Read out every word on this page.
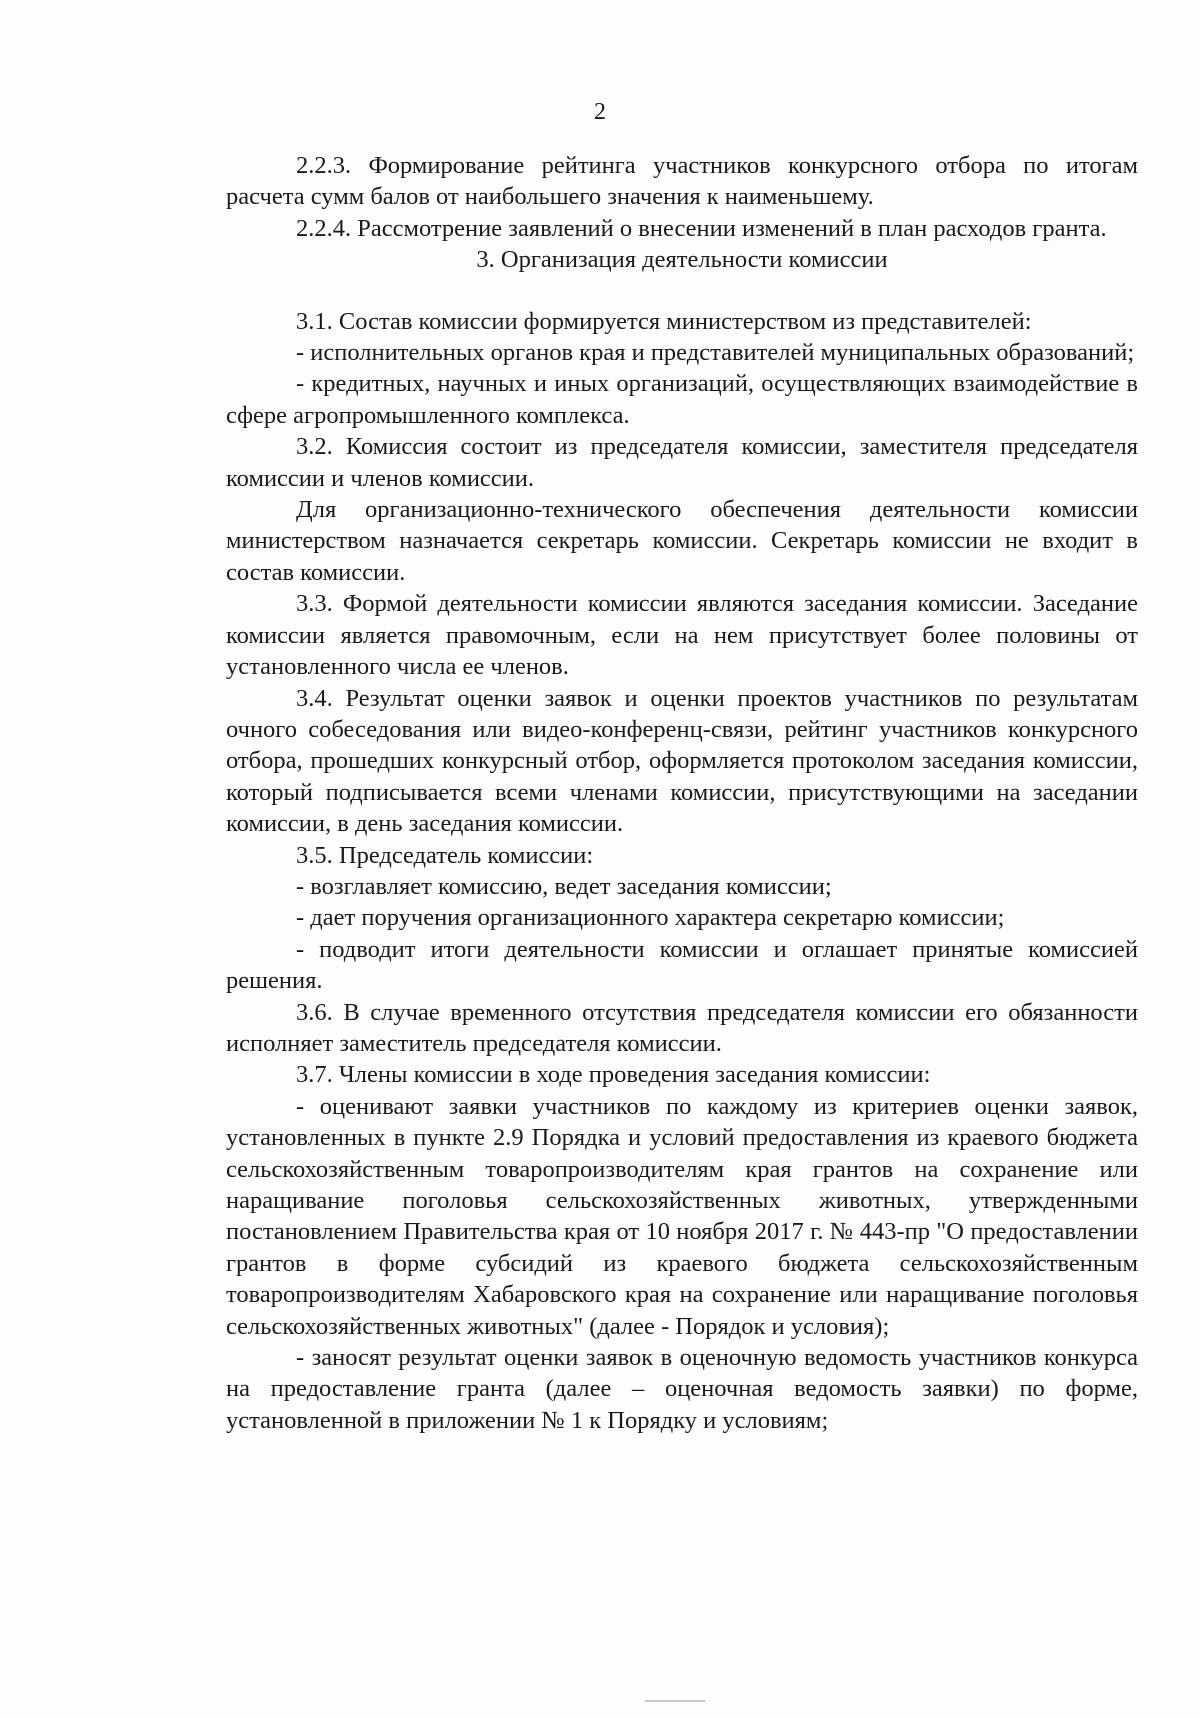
2

2.2.3. Формирование рейтинга участников конкурсного отбора по итогам расчета сумм балов от наибольшего значения к наименьшему.

2.2.4. Рассмотрение заявлений о внесении изменений в план расходов гранта.

3. Организация деятельности комиссии

3.1. Состав комиссии формируется министерством из представителей:

- исполнительных органов края и представителей муниципальных образований;

- кредитных, научных и иных организаций, осуществляющих взаимодействие в сфере агропромышленного комплекса.

3.2. Комиссия состоит из председателя комиссии, заместителя председателя комиссии и членов комиссии.

Для организационно-технического обеспечения деятельности комиссии министерством назначается секретарь комиссии. Секретарь комиссии не входит в состав комиссии.

3.3. Формой деятельности комиссии являются заседания комиссии. Заседание комиссии является правомочным, если на нем присутствует более половины от установленного числа ее членов.

3.4. Результат оценки заявок и оценки проектов участников по результатам очного собеседования или видео-конференц-связи, рейтинг участников конкурсного отбора, прошедших конкурсный отбор, оформляется протоколом заседания комиссии, который подписывается всеми членами комиссии, присутствующими на заседании комиссии, в день заседания комиссии.

3.5. Председатель комиссии:

- возглавляет комиссию, ведет заседания комиссии;

- дает поручения организационного характера секретарю комиссии;

- подводит итоги деятельности комиссии и оглашает принятые комиссией решения.

3.6. В случае временного отсутствия председателя комиссии его обязанности исполняет заместитель председателя комиссии.

3.7. Члены комиссии в ходе проведения заседания комиссии:

- оценивают заявки участников по каждому из критериев оценки заявок, установленных в пункте 2.9 Порядка и условий предоставления из краевого бюджета сельскохозяйственным товаропроизводителям края грантов на сохранение или наращивание поголовья сельскохозяйственных животных, утвержденными постановлением Правительства края от 10 ноября 2017 г. № 443-пр "О предоставлении грантов в форме субсидий из краевого бюджета сельскохозяйственным товаропроизводителям Хабаровского края на сохранение или наращивание поголовья сельскохозяйственных животных" (далее - Порядок и условия);

- заносят результат оценки заявок в оценочную ведомость участников конкурса на предоставление гранта (далее – оценочная ведомость заявки) по форме, установленной в приложении № 1 к Порядку и условиям;
